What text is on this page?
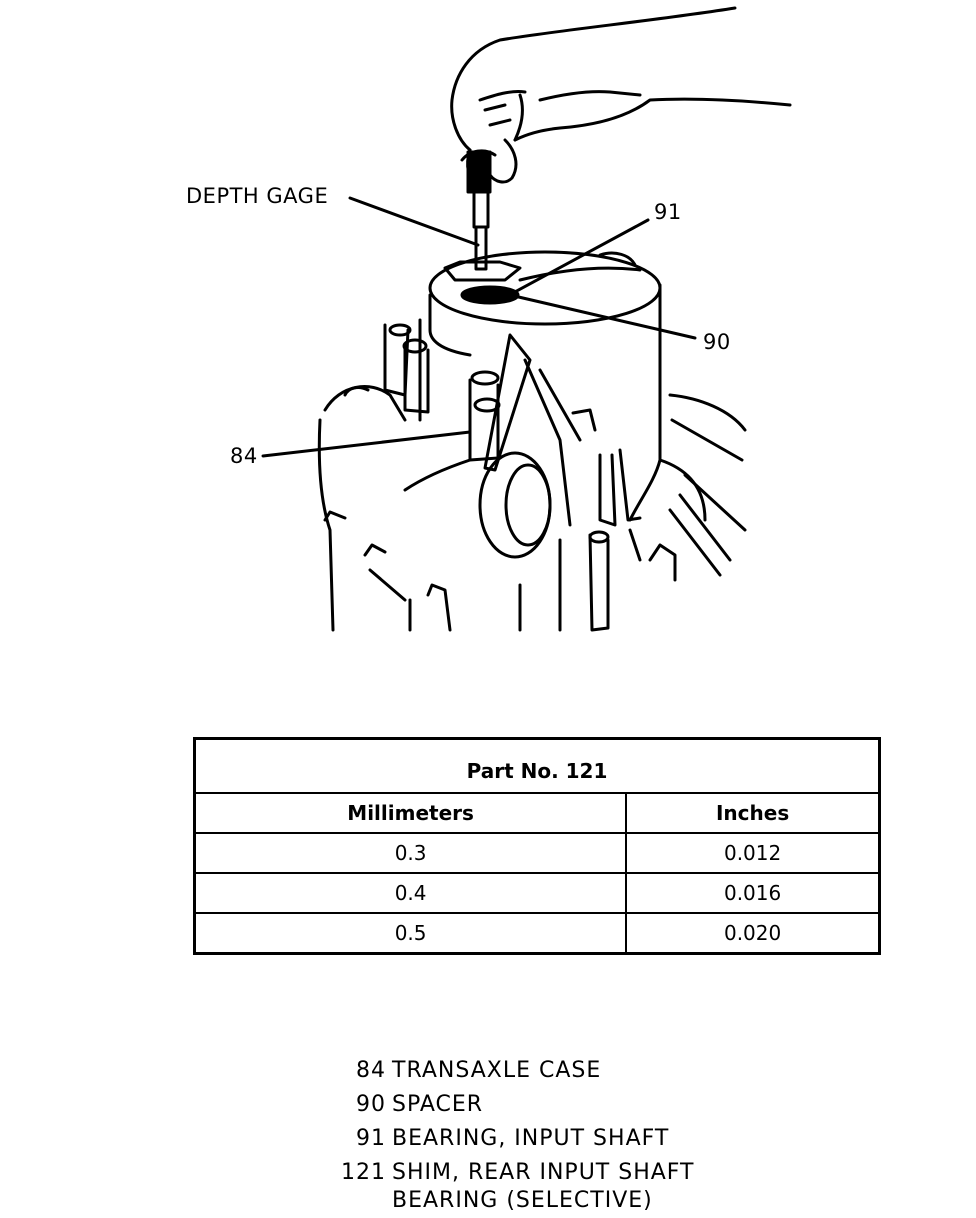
DEPTH GAGE
91
90
84
Part No. 121	
Millimeters	Inches
0.3	0.012
0.4	0.016
0.5	0.020
84 TRANSAXLE CASE
90 SPACER
91 BEARING, INPUT SHAFT
121 SHIM, REAR INPUT SHAFT
BEARING (SELECTIVE)
